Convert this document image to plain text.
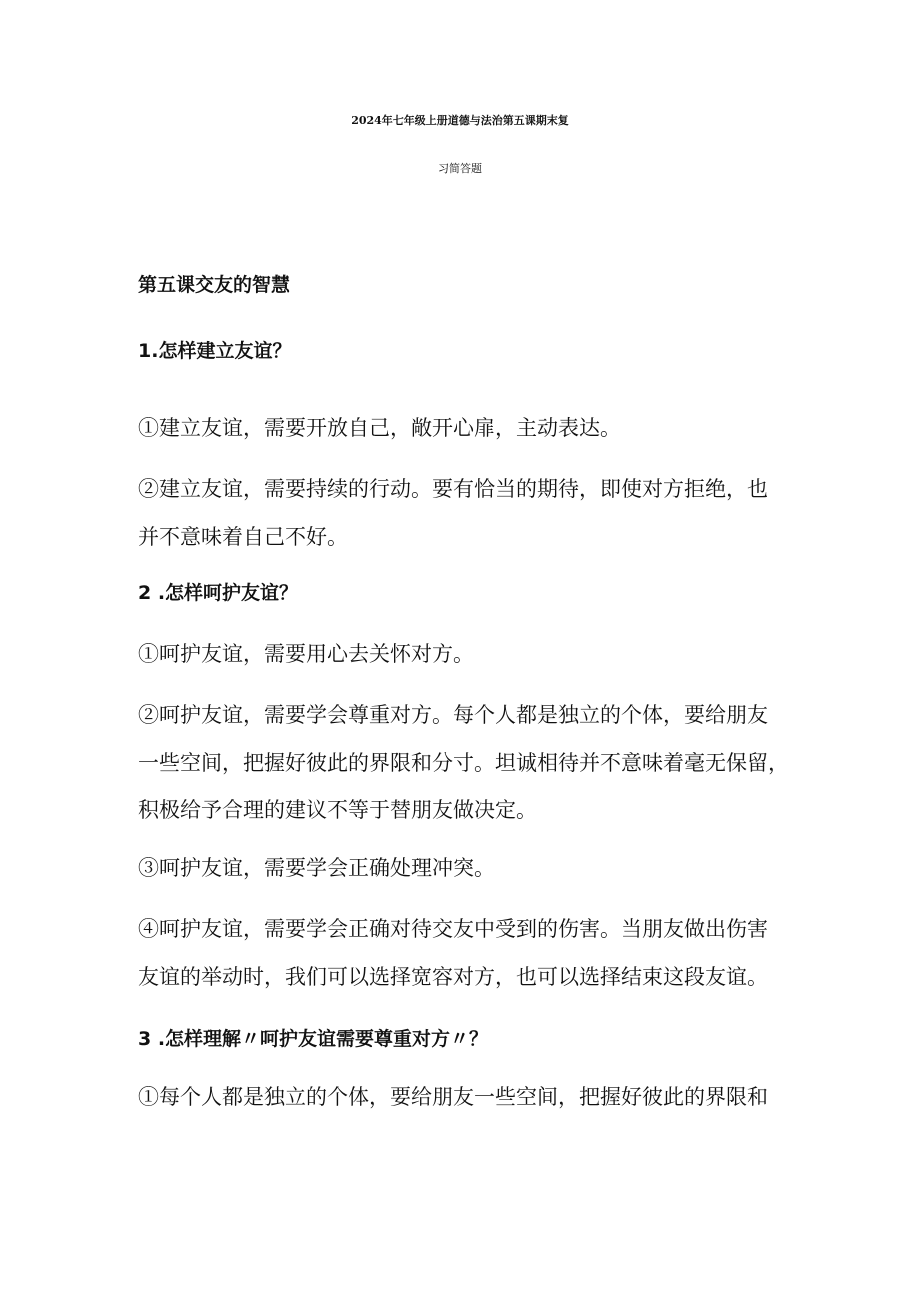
2024年七年级上册道德与法治第五课期末复
习简答题
第五课交友的智慧
1.怎样建立友谊？

①建立友谊，需要开放自己，敞开心扉，主动表达。

②建立友谊，需要持续的行动。要有恰当的期待，即使对方拒绝，也

并不意味着自己不好。

2 .怎样呵护友谊？

①呵护友谊，需要用心去关怀对方。

②呵护友谊，需要学会尊重对方。每个人都是独立的个体，要给朋友

一些空间，把握好彼此的界限和分寸。坦诚相待并不意味着毫无保留，

积极给予合理的建议不等于替朋友做决定。

③呵护友谊，需要学会正确处理冲突。

④呵护友谊，需要学会正确对待交友中受到的伤害。当朋友做出伤害

友谊的举动时，我们可以选择宽容对方，也可以选择结束这段友谊。

3 .怎样理解〃呵护友谊需要尊重对方〃？

①每个人都是独立的个体，要给朋友一些空间，把握好彼此的界限和
